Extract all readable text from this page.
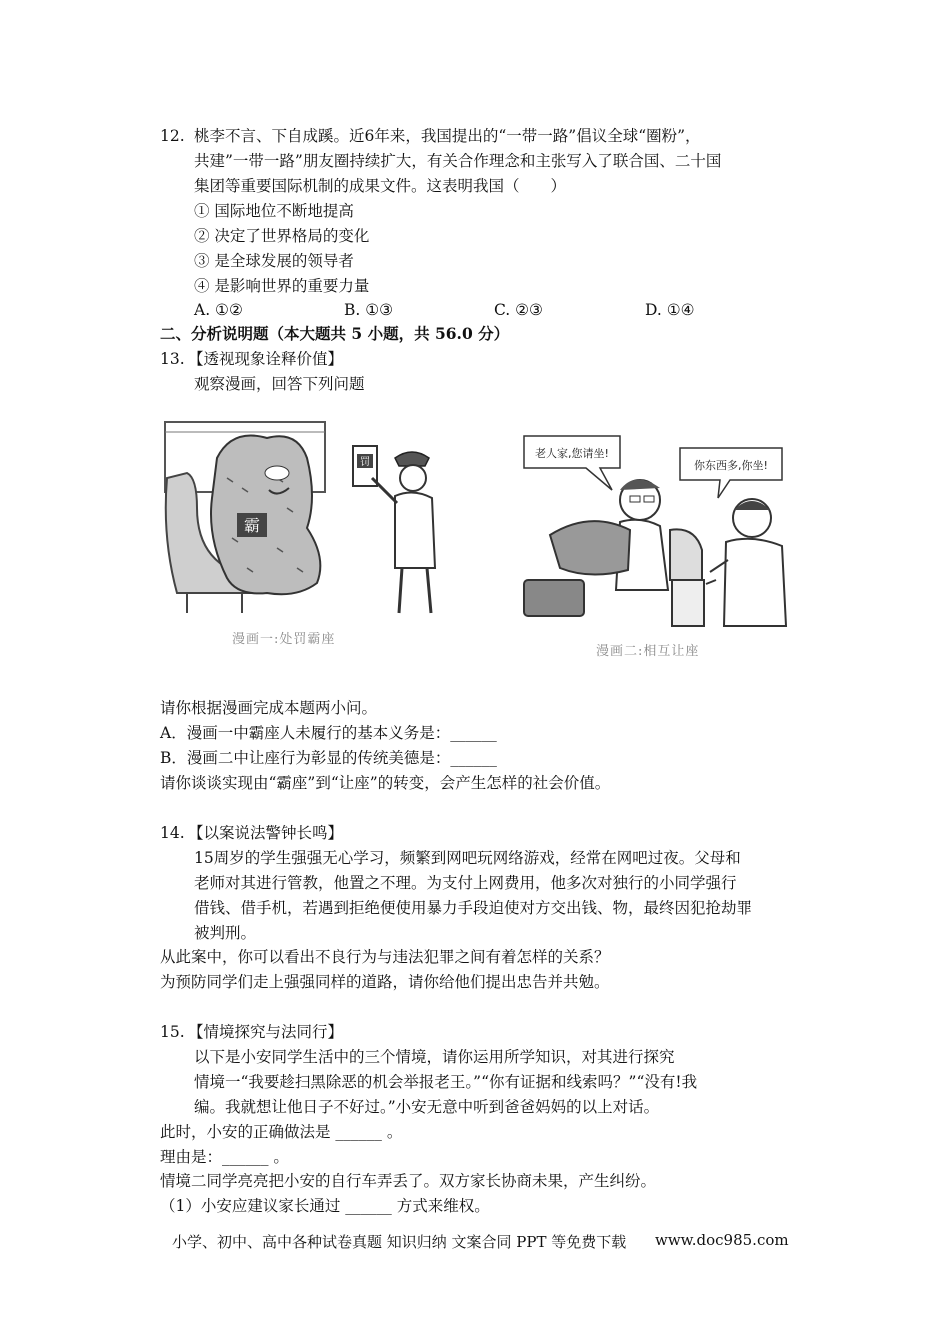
12. 桃李不言、下自成蹊。近6年来，我国提出的“一带一路”倡议全球“圈粉”，
共建”一带一路”朋友圈持续扩大，有关合作理念和主张写入了联合国、二十国
集团等重要国际机制的成果文件。这表明我国（　　）
① 国际地位不断地提高
② 决定了世界格局的变化
③ 是全球发展的领导者
④ 是影响世界的重要力量
A. ①②	B. ①③	C. ②③	D. ①④
二、分析说明题（本大题共 5 小题，共 56.0 分）
13. 【透视现象诠释价值】
观察漫画，回答下列问题
霸
罚
漫画一:处罚霸座
老人家,您请坐!
你东西多,你坐!
漫画二:相互让座
请你根据漫画完成本题两小问。
A．漫画一中霸座人未履行的基本义务是：______
B．漫画二中让座行为彰显的传统美德是：______
请你谈谈实现由“霸座”到“让座”的转变，会产生怎样的社会价值。
14. 【以案说法警钟长鸣】
15周岁的学生强强无心学习，频繁到网吧玩网络游戏，经常在网吧过夜。父母和
老师对其进行管教，他置之不理。为支付上网费用，他多次对独行的小同学强行
借钱、借手机，若遇到拒绝便使用暴力手段迫使对方交出钱、物，最终因犯抢劫罪
被判刑。
从此案中，你可以看出不良行为与违法犯罪之间有着怎样的关系？
为预防同学们走上强强同样的道路，请你给他们提出忠告并共勉。
15. 【情境探究与法同行】
以下是小安同学生活中的三个情境，请你运用所学知识，对其进行探究
情境一“我要趁扫黑除恶的机会举报老王。”“你有证据和线索吗？”“没有!我
编。我就想让他日子不好过。”小安无意中听到爸爸妈妈的以上对话。
此时，小安的正确做法是 ______ 。
理由是：______ 。
情境二同学亮亮把小安的自行车弄丢了。双方家长协商未果，产生纠纷。
（1）小安应建议家长通过 ______ 方式来维权。
小学、初中、高中各种试卷真题 知识归纳 文案合同 PPT 等免费下载 www.doc985.com
